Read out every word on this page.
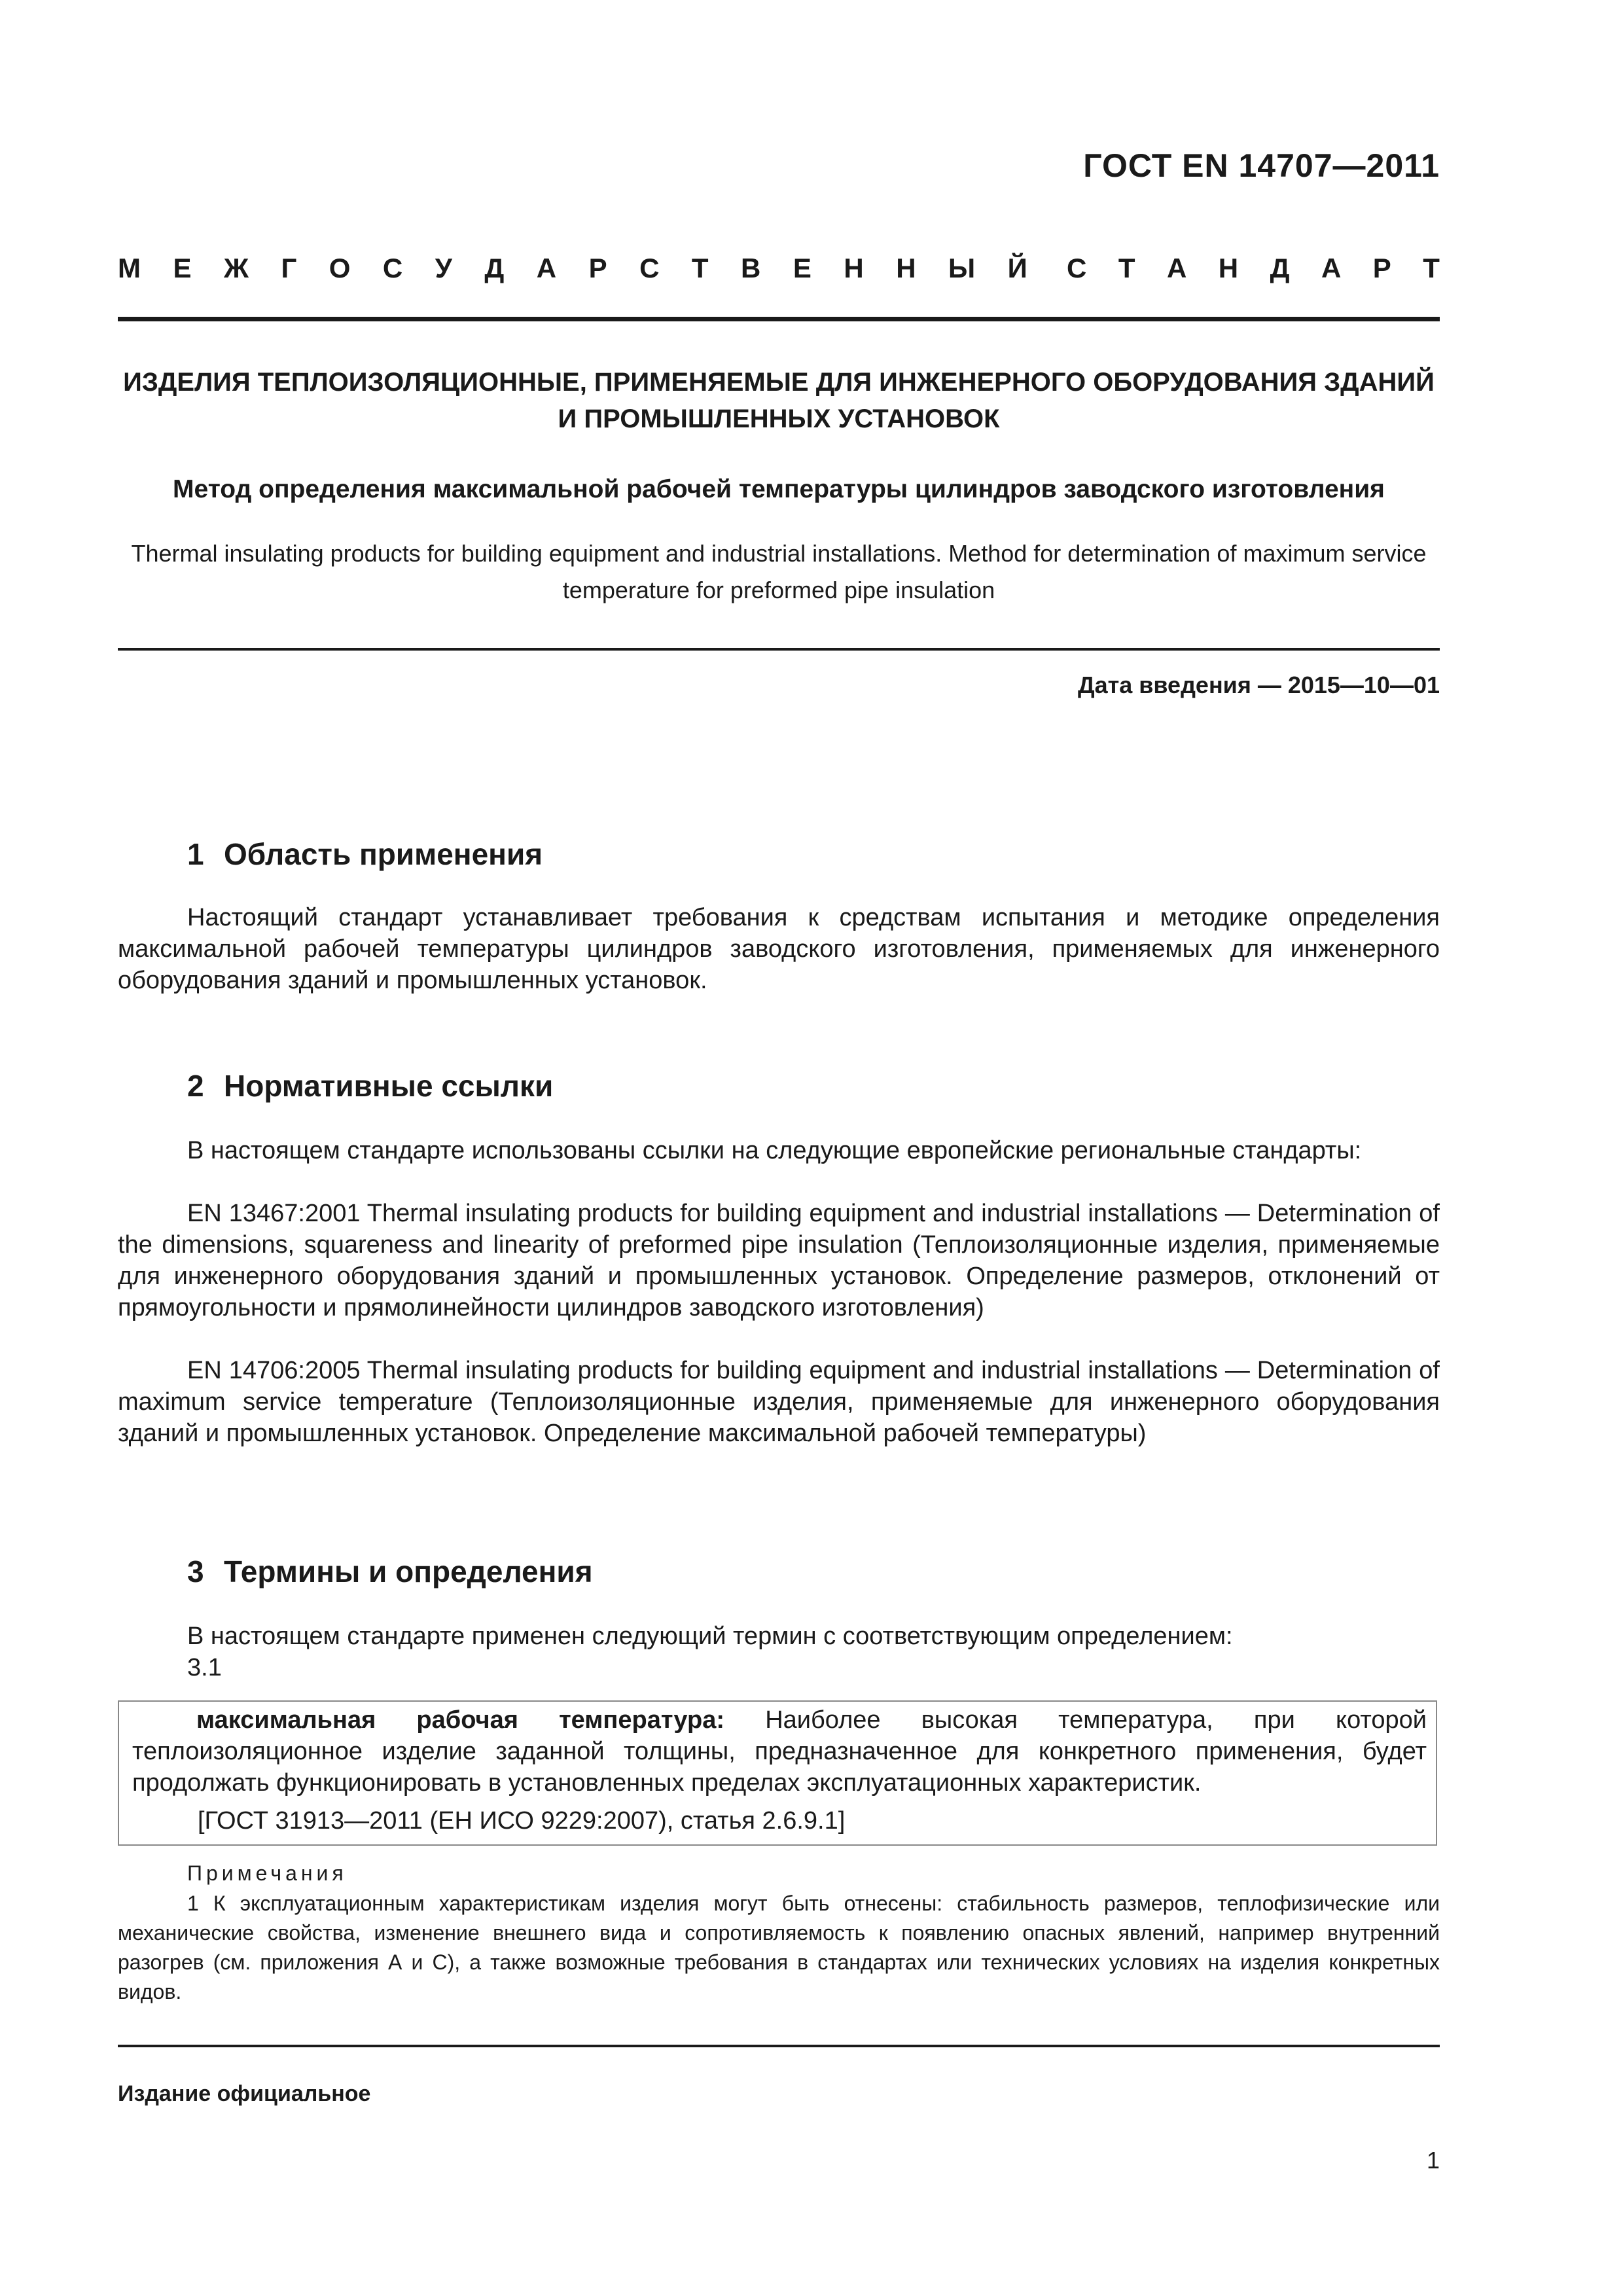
ГОСТ EN 14707—2011
М Е Ж Г О С У Д А Р С Т В Е Н Н Ы Й С Т А Н Д А Р Т
ИЗДЕЛИЯ ТЕПЛОИЗОЛЯЦИОННЫЕ, ПРИМЕНЯЕМЫЕ ДЛЯ ИНЖЕНЕРНОГО ОБОРУДОВАНИЯ ЗДАНИЙ И ПРОМЫШЛЕННЫХ УСТАНОВОК
Метод определения максимальной рабочей температуры цилиндров заводского изготовления
Thermal insulating products for building equipment and industrial installations. Method for determination of maximum service temperature for preformed pipe insulation
Дата введения — 2015—10—01
1 Область применения

Настоящий стандарт устанавливает требования к средствам испытания и методике определения максимальной рабочей температуры цилиндров заводского изготовления, применяемых для инженерного оборудования зданий и промышленных установок.

2 Нормативные ссылки

В настоящем стандарте использованы ссылки на следующие европейские региональные стандарты:

EN 13467:2001 Thermal insulating products for building equipment and industrial installations — Determination of the dimensions, squareness and linearity of preformed pipe insulation (Теплоизоляционные изделия, применяемые для инженерного оборудования зданий и промышленных установок. Определение размеров, отклонений от прямоугольности и прямолинейности цилиндров заводского изготовления)

EN 14706:2005 Thermal insulating products for building equipment and industrial installations — Determination of maximum service temperature (Теплоизоляционные изделия, применяемые для инженерного оборудования зданий и промышленных установок. Определение максимальной рабочей температуры)

3 Термины и определения

В настоящем стандарте применен следующий термин с соответствующим определением:

3.1

максимальная рабочая температура: Наиболее высокая температура, при которой теплоизоляционное изделие заданной толщины, предназначенное для конкретного применения, будет продолжать функционировать в установленных пределах эксплуатационных характеристик.
[ГОСТ 31913—2011 (ЕН ИСО 9229:2007), статья 2.6.9.1]
Примечания

1 К эксплуатационным характеристикам изделия могут быть отнесены: стабильность размеров, теплофизические или механические свойства, изменение внешнего вида и сопротивляемость к появлению опасных явлений, например внутренний разогрев (см. приложения А и С), а также возможные требования в стандартах или технических условиях на изделия конкретных видов.

Издание официальное
1
